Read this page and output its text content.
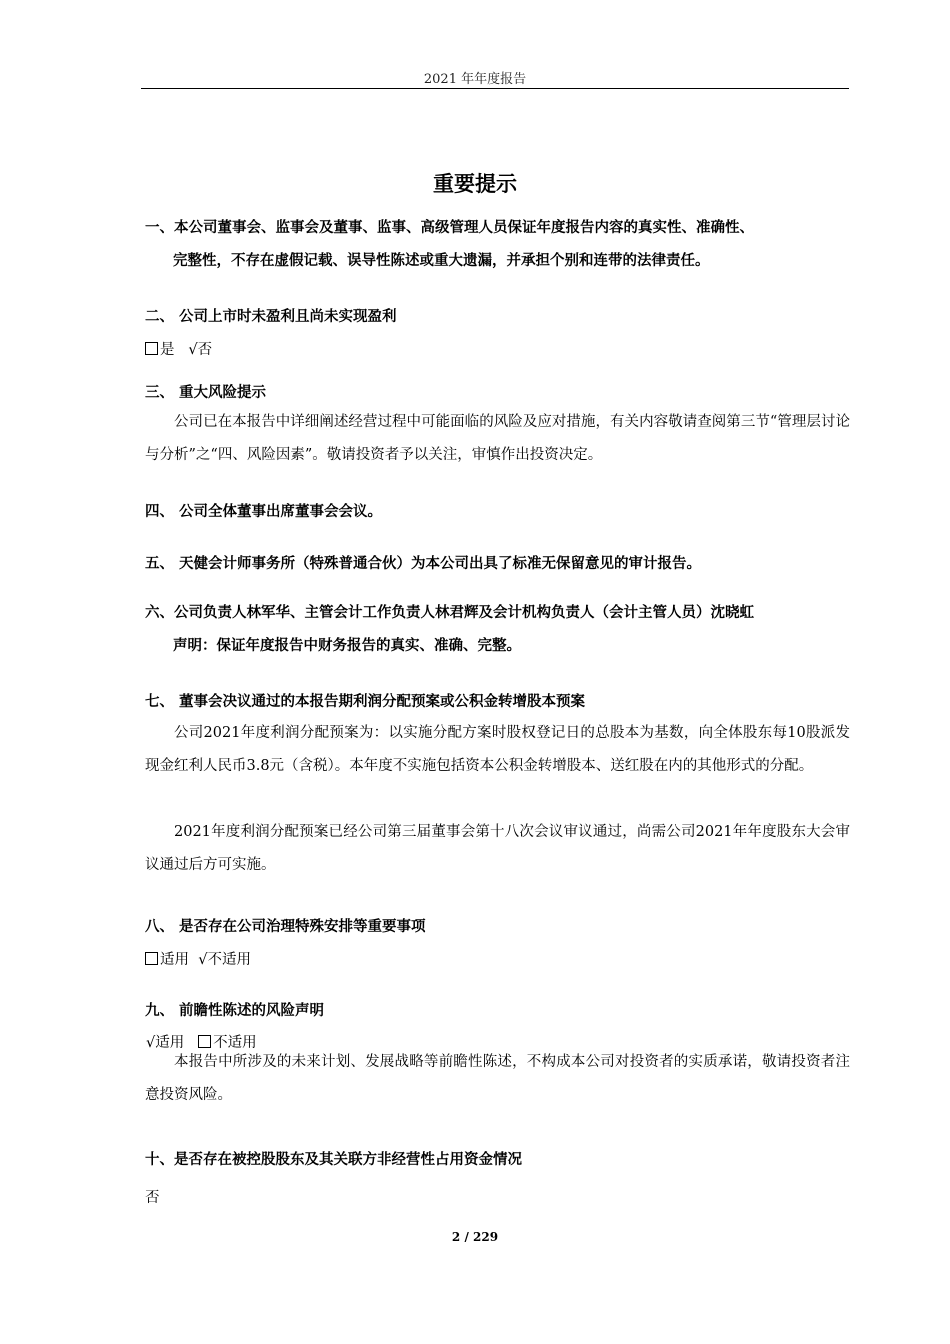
2021 年年度报告
重要提示
一、本公司董事会、监事会及董事、监事、高级管理人员保证年度报告内容的真实性、准确性、
完整性，不存在虚假记载、误导性陈述或重大遗漏，并承担个别和连带的法律责任。
二、 公司上市时未盈利且尚未实现盈利
是 √否
三、 重大风险提示
公司已在本报告中详细阐述经营过程中可能面临的风险及应对措施，有关内容敬请查阅第三节“管理层讨论与分析”之“四、风险因素”。敬请投资者予以关注，审慎作出投资决定。
四、 公司全体董事出席董事会会议。
五、 天健会计师事务所（特殊普通合伙）为本公司出具了标准无保留意见的审计报告。
六、公司负责人林军华、主管会计工作负责人林君辉及会计机构负责人（会计主管人员）沈晓虹
声明：保证年度报告中财务报告的真实、准确、完整。
七、 董事会决议通过的本报告期利润分配预案或公积金转增股本预案
公司2021年度利润分配预案为：以实施分配方案时股权登记日的总股本为基数，向全体股东每10股派发现金红利人民币3.8元（含税）。本年度不实施包括资本公积金转增股本、送红股在内的其他形式的分配。
2021年度利润分配预案已经公司第三届董事会第十八次会议审议通过，尚需公司2021年年度股东大会审议通过后方可实施。
八、 是否存在公司治理特殊安排等重要事项
适用 √不适用
九、 前瞻性陈述的风险声明
√适用 不适用
本报告中所涉及的未来计划、发展战略等前瞻性陈述，不构成本公司对投资者的实质承诺，敬请投资者注意投资风险。
十、是否存在被控股股东及其关联方非经营性占用资金情况
否
2 / 229
